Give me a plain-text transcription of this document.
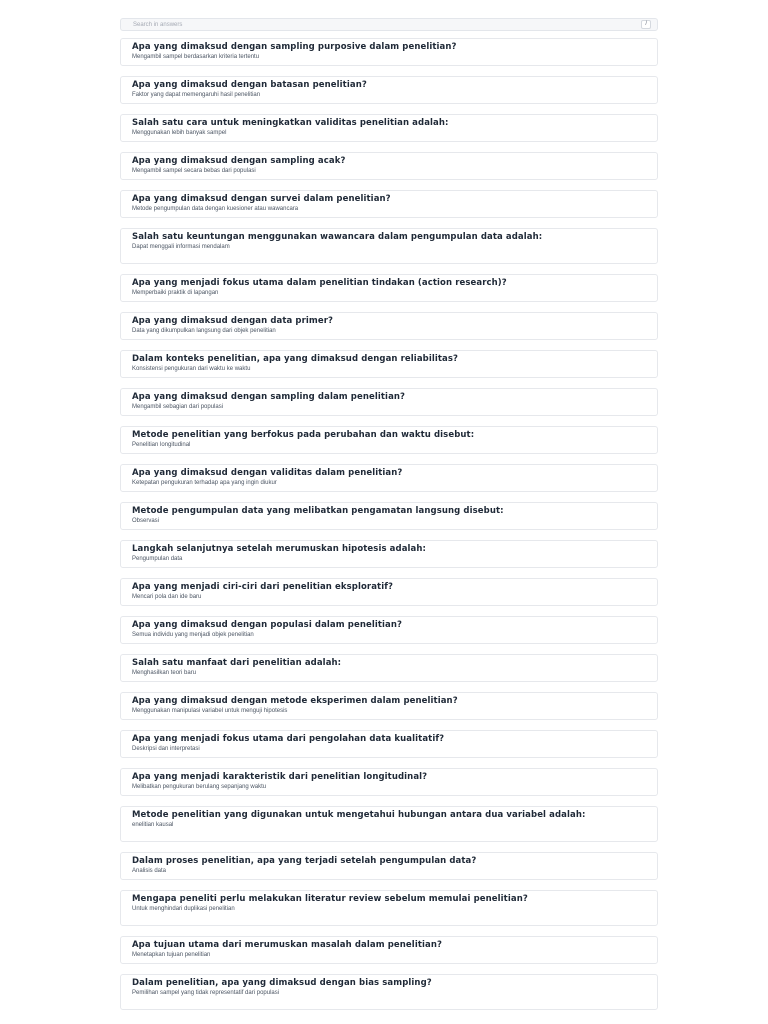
Search in answers	/
Apa yang dimaksud dengan sampling purposive dalam penelitian?
Mengambil sampel berdasarkan kriteria tertentu
Apa yang dimaksud dengan batasan penelitian?
Faktor yang dapat memengaruhi hasil penelitian
Salah satu cara untuk meningkatkan validitas penelitian adalah:
Menggunakan lebih banyak sampel
Apa yang dimaksud dengan sampling acak?
Mengambil sampel secara bebas dari populasi
Apa yang dimaksud dengan survei dalam penelitian?
Metode pengumpulan data dengan kuesioner atau wawancara
Salah satu keuntungan menggunakan wawancara dalam pengumpulan data adalah:
Dapat menggali informasi mendalam
Apa yang menjadi fokus utama dalam penelitian tindakan (action research)?
Memperbaiki praktik di lapangan
Apa yang dimaksud dengan data primer?
Data yang dikumpulkan langsung dari objek penelitian
Dalam konteks penelitian, apa yang dimaksud dengan reliabilitas?
Konsistensi pengukuran dari waktu ke waktu
Apa yang dimaksud dengan sampling dalam penelitian?
Mengambil sebagian dari populasi
Metode penelitian yang berfokus pada perubahan dan waktu disebut:
Penelitian longitudinal
Apa yang dimaksud dengan validitas dalam penelitian?
Ketepatan pengukuran terhadap apa yang ingin diukur
Metode pengumpulan data yang melibatkan pengamatan langsung disebut:
Observasi
Langkah selanjutnya setelah merumuskan hipotesis adalah:
Pengumpulan data
Apa yang menjadi ciri-ciri dari penelitian eksploratif?
Mencari pola dan ide baru
Apa yang dimaksud dengan populasi dalam penelitian?
Semua individu yang menjadi objek penelitian
Salah satu manfaat dari penelitian adalah:
Menghasilkan teori baru
Apa yang dimaksud dengan metode eksperimen dalam penelitian?
Menggunakan manipulasi variabel untuk menguji hipotesis
Apa yang menjadi fokus utama dari pengolahan data kualitatif?
Deskripsi dan interpretasi
Apa yang menjadi karakteristik dari penelitian longitudinal?
Melibatkan pengukuran berulang sepanjang waktu
Metode penelitian yang digunakan untuk mengetahui hubungan antara dua variabel adalah:
enelitian kausal
Dalam proses penelitian, apa yang terjadi setelah pengumpulan data?
Analisis data
Mengapa peneliti perlu melakukan literatur review sebelum memulai penelitian?
Untuk menghindari duplikasi penelitian
Apa tujuan utama dari merumuskan masalah dalam penelitian?
Menetapkan tujuan penelitian
Dalam penelitian, apa yang dimaksud dengan bias sampling?
Pemilihan sampel yang tidak representatif dari populasi
